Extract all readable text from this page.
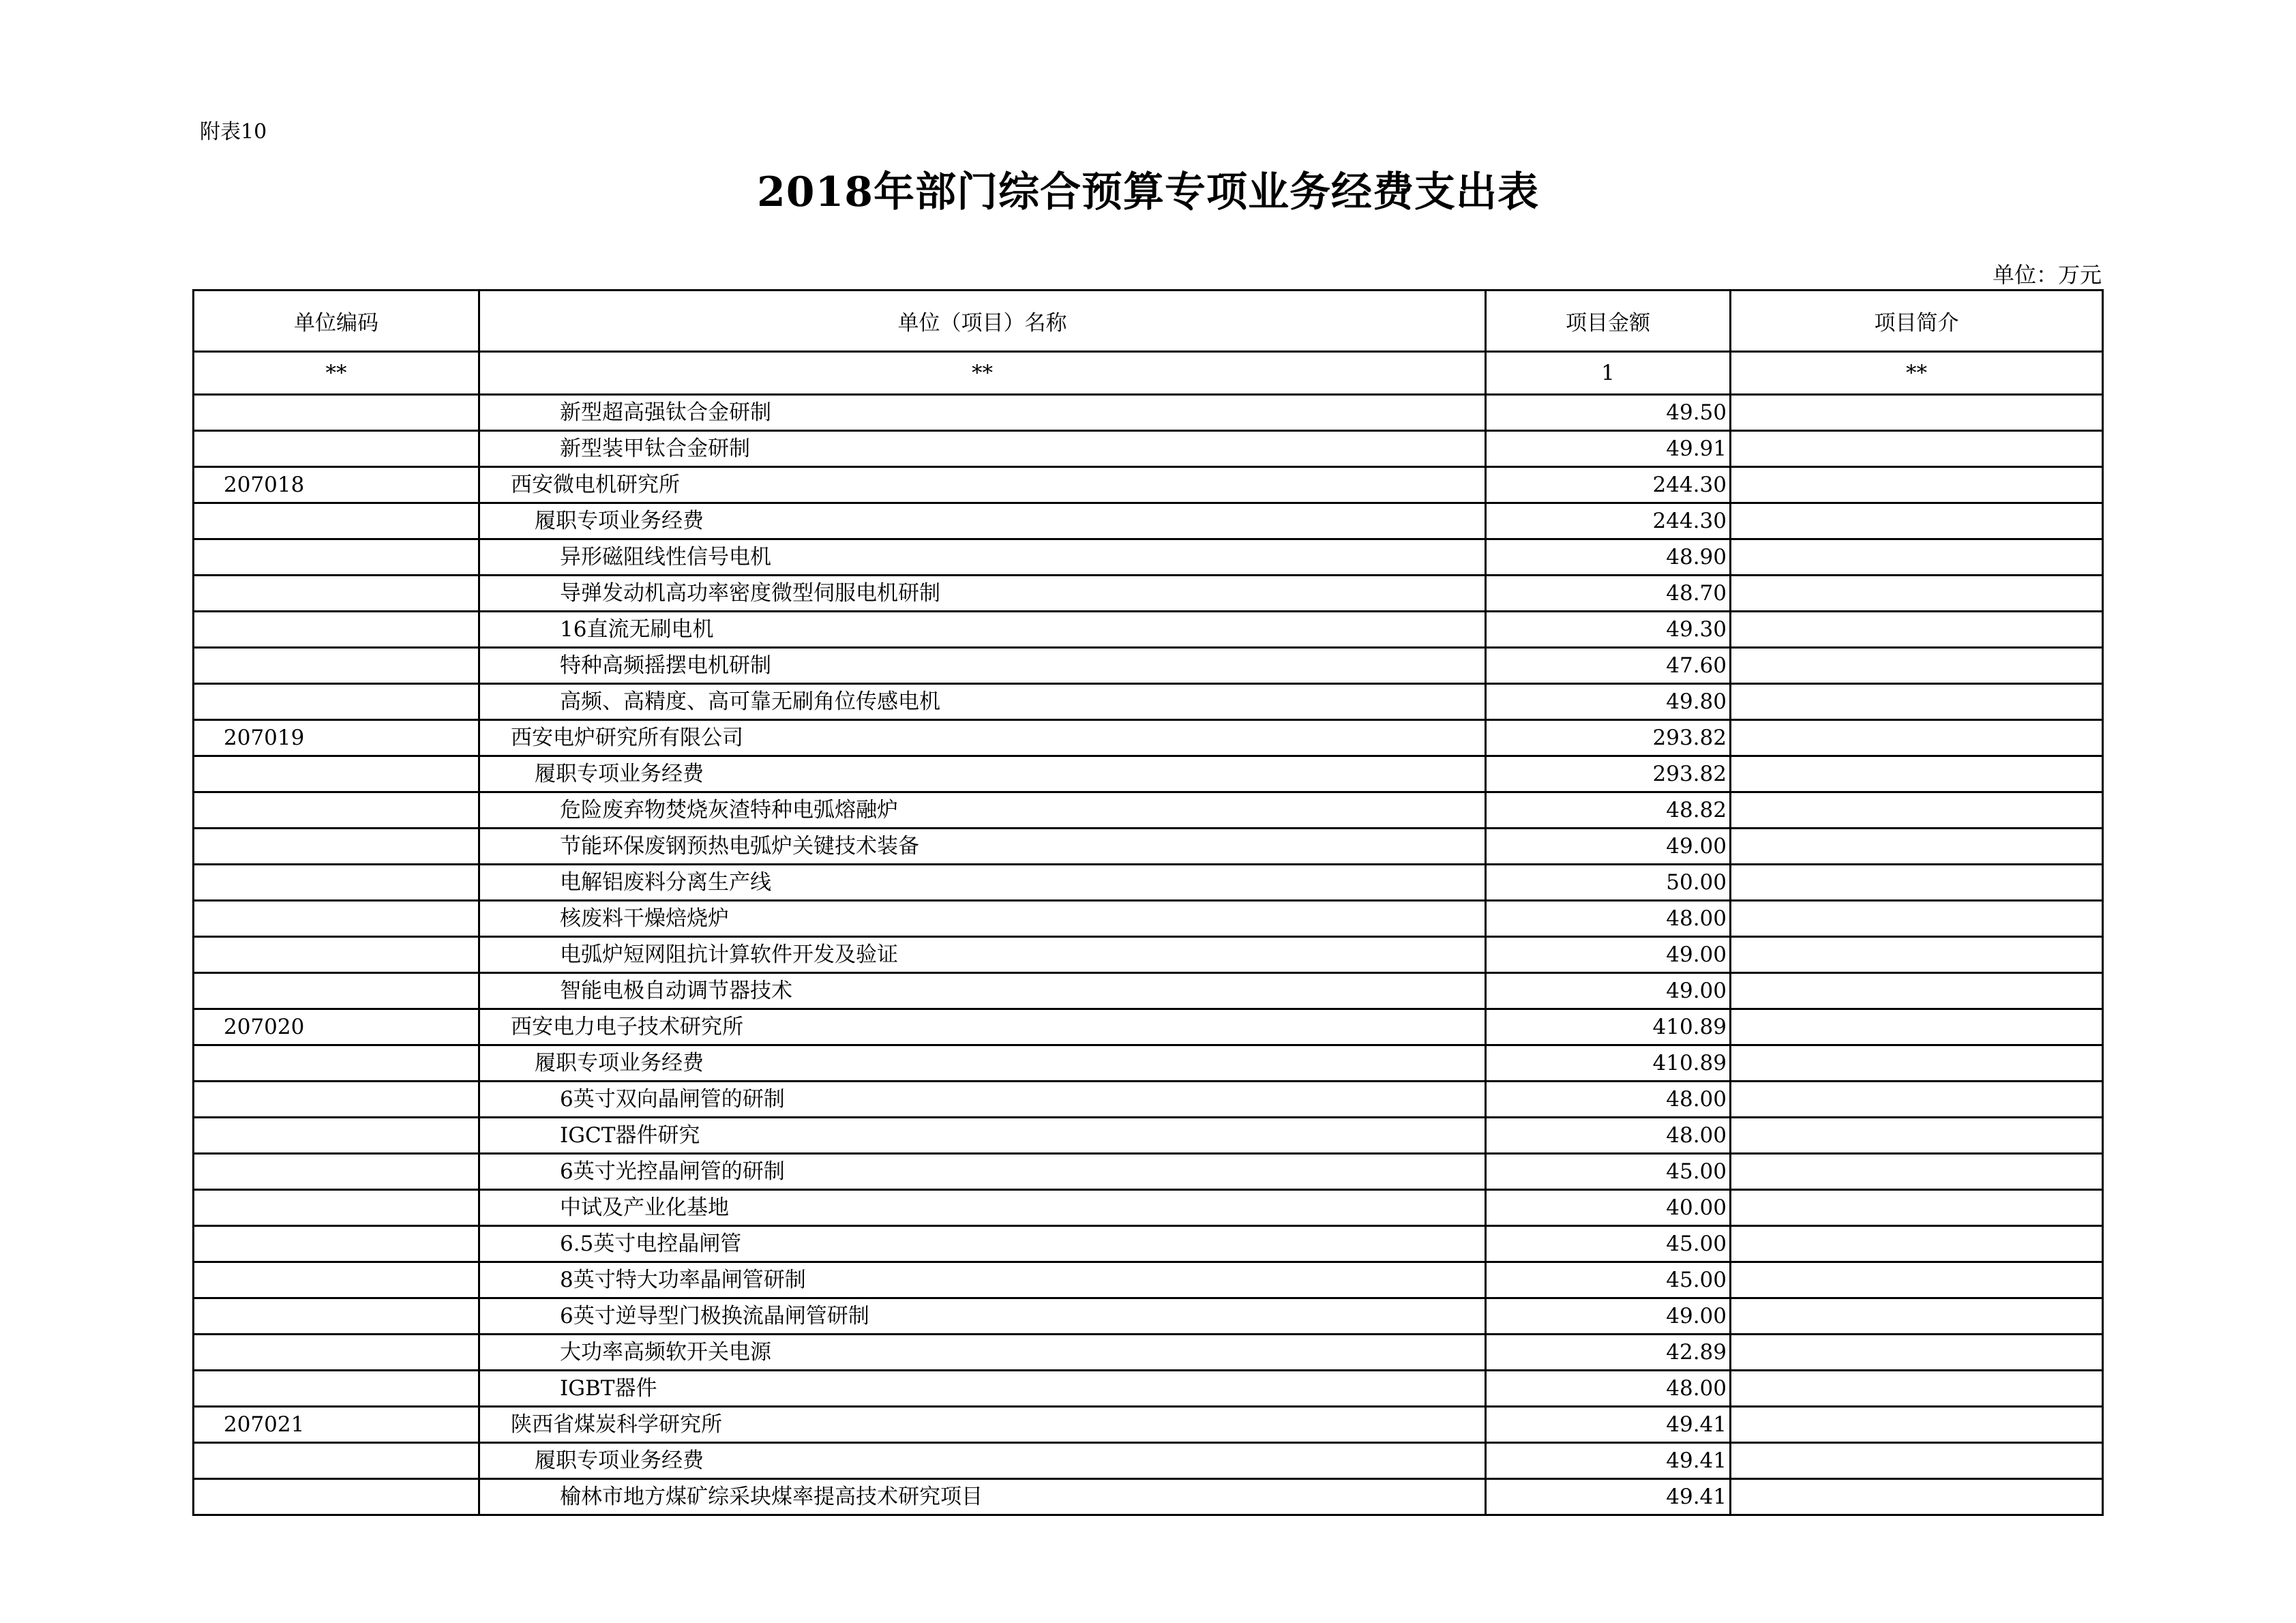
附表10
2018年部门综合预算专项业务经费支出表
单位：万元
单位编码	单位（项目）名称	项目金额	项目简介
**	**	1	**
	新型超高强钛合金研制	49.50	
	新型装甲钛合金研制	49.91	
207018	西安微电机研究所	244.30	
	履职专项业务经费	244.30	
	异形磁阻线性信号电机	48.90	
	导弹发动机高功率密度微型伺服电机研制	48.70	
	16直流无刷电机	49.30	
	特种高频摇摆电机研制	47.60	
	高频、高精度、高可靠无刷角位传感电机	49.80	
207019	西安电炉研究所有限公司	293.82	
	履职专项业务经费	293.82	
	危险废弃物焚烧灰渣特种电弧熔融炉	48.82	
	节能环保废钢预热电弧炉关键技术装备	49.00	
	电解铝废料分离生产线	50.00	
	核废料干燥焙烧炉	48.00	
	电弧炉短网阻抗计算软件开发及验证	49.00	
	智能电极自动调节器技术	49.00	
207020	西安电力电子技术研究所	410.89	
	履职专项业务经费	410.89	
	6英寸双向晶闸管的研制	48.00	
	IGCT器件研究	48.00	
	6英寸光控晶闸管的研制	45.00	
	中试及产业化基地	40.00	
	6.5英寸电控晶闸管	45.00	
	8英寸特大功率晶闸管研制	45.00	
	6英寸逆导型门极换流晶闸管研制	49.00	
	大功率高频软开关电源	42.89	
	IGBT器件	48.00	
207021	陕西省煤炭科学研究所	49.41	
	履职专项业务经费	49.41	
	榆林市地方煤矿综采块煤率提高技术研究项目	49.41	
